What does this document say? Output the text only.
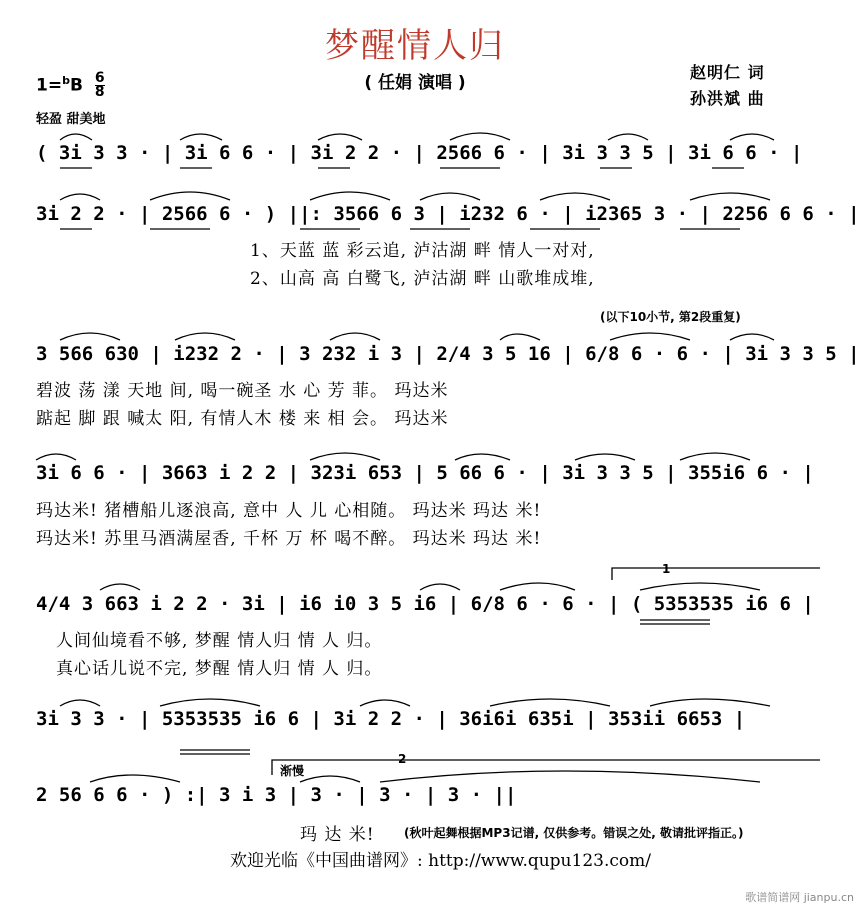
梦醒情人归
( 任娟 演唱 )
赵明仁 词
孙洪斌 曲
$1=^bB \frac{6}{8}$
轻盈 甜美地
( 3i 3 3 · | 3i 6 6 · | 3i 2 2 · | 2566 6 · | 3i 3 3 5 | 3i 6 6 · |
3i 2 2 · | 2566 6 · ) ||: 3566 6 3 | i232 6 · | i2365 3 · | 2256 6 6 · |
1、天蓝 蓝 彩云追, 泸沽湖 畔 情人一对对,
2、山高 高 白鹭飞, 泸沽湖 畔 山歌堆成堆,
(以下10小节, 第2段重复)
3 566 630 | i232 2 · | 3 232 i 3 | 2/4 3 5 16 | 6/8 6 · 6 · | 3i 3 3 5 |
碧波 荡 漾 天地 间, 喝一碗圣 水 心 芳 菲。 玛达米
踮起 脚 跟 喊太 阳, 有情人木 楼 来 相 会。 玛达米
3i 6 6 · | 3663 i 2 2 | 323i 653 | 5 66 6 · | 3i 3 3 5 | 355i6 6 · |
玛达米! 猪槽船儿逐浪高, 意中 人 儿 心相随。 玛达米 玛达 米!
玛达米! 苏里马酒满屋香, 千杯 万 杯 喝不醉。 玛达米 玛达 米!
1
4/4 3 663 i 2 2 · 3i | i6 i0 3 5 i6 | 6/8 6 · 6 · | ( 5353535 i6 6 |
人间仙境看不够, 梦醒 情人归 情 人 归。
真心话儿说不完, 梦醒 情人归 情 人 归。
3i 3 3 · | 5353535 i6 6 | 3i 2 2 · | 36i6i 635i | 353ii 6653 |
渐慢
2
2 56 6 6 · ) :| 3 i 3 | 3 · | 3 · | 3 · ||
玛 达 米! (秋叶起舞根据MP3记谱, 仅供参考。错误之处, 敬请批评指正。)
欢迎光临《中国曲谱网》: http://www.qupu123.com/
歌谱简谱网 jianpu.cn
